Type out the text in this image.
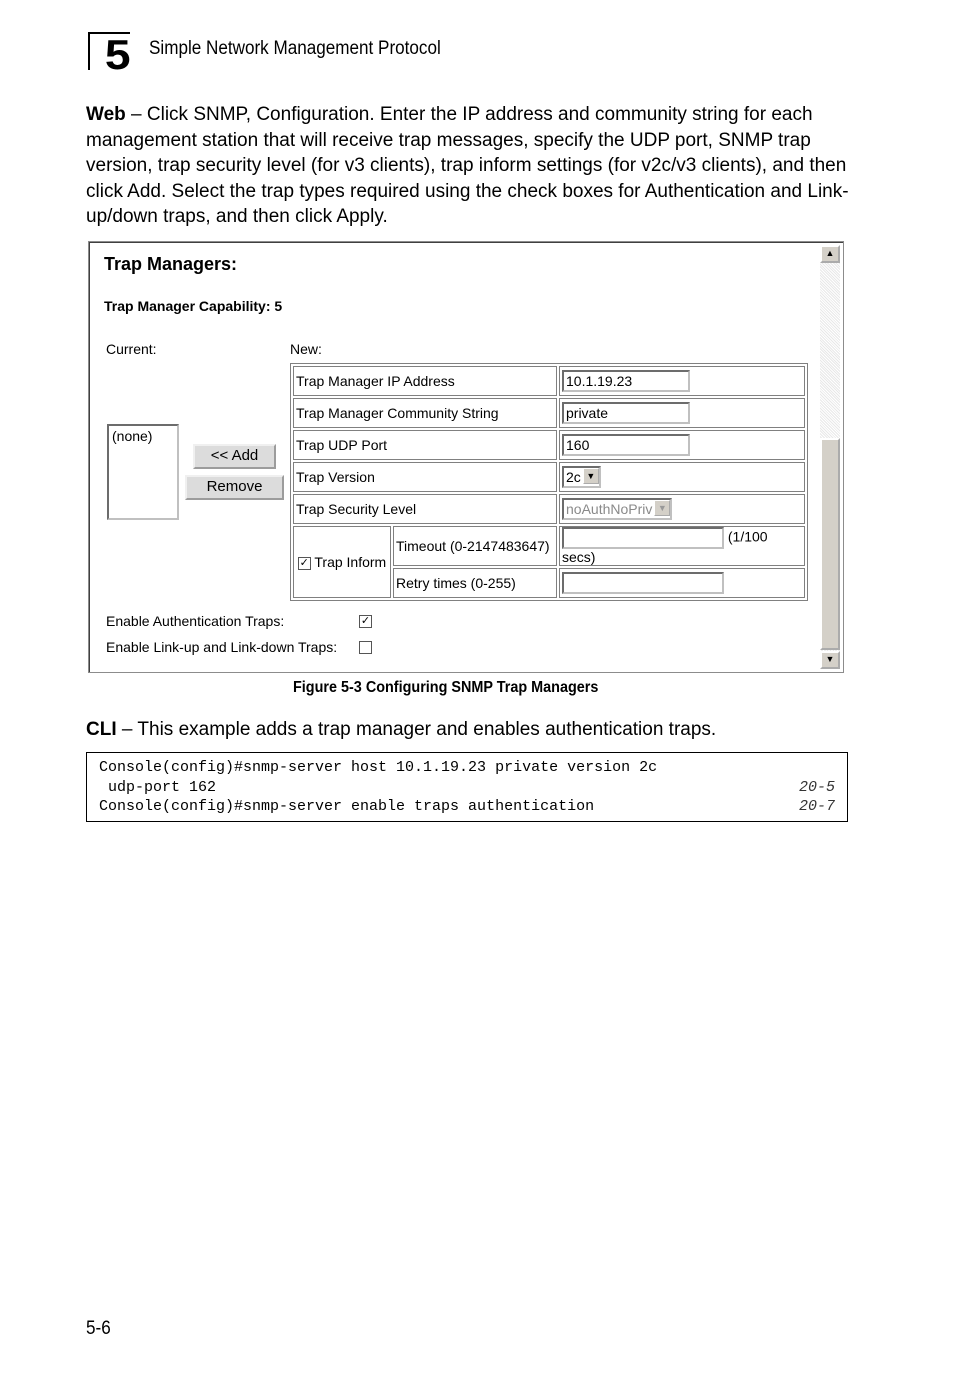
5 Simple Network Management Protocol
Web – Click SNMP, Configuration. Enter the IP address and community string for each management station that will receive trap messages, specify the UDP port, SNMP trap version, trap security level (for v3 clients), trap inform settings (for v2c/v3 clients), and then click Add. Select the trap types required using the check boxes for Authentication and Link-up/down traps, and then click Apply.
Trap Managers:
Trap Manager Capability: 5
Current:	New:
(none)
<< Add
Remove
Trap Manager IP Address		10.1.19.23
Trap Manager Community String		private
Trap UDP Port		160
Trap Version		2c ▼
Trap Security Level		noAuthNoPriv ▼
✓ Trap Inform	Timeout (0-2147483647)	(1/100 secs)
	Retry times (0-255)	
Enable Authentication Traps:	✓
Enable Link-up and Link-down Traps:
▲
▼
Figure 5-3 Configuring SNMP Trap Managers
CLI – This example adds a trap manager and enables authentication traps.
Console(config)#snmp-server host 10.1.19.23 private version 2c
udp-port 162	20-5
Console(config)#snmp-server enable traps authentication	20-7
5-6
